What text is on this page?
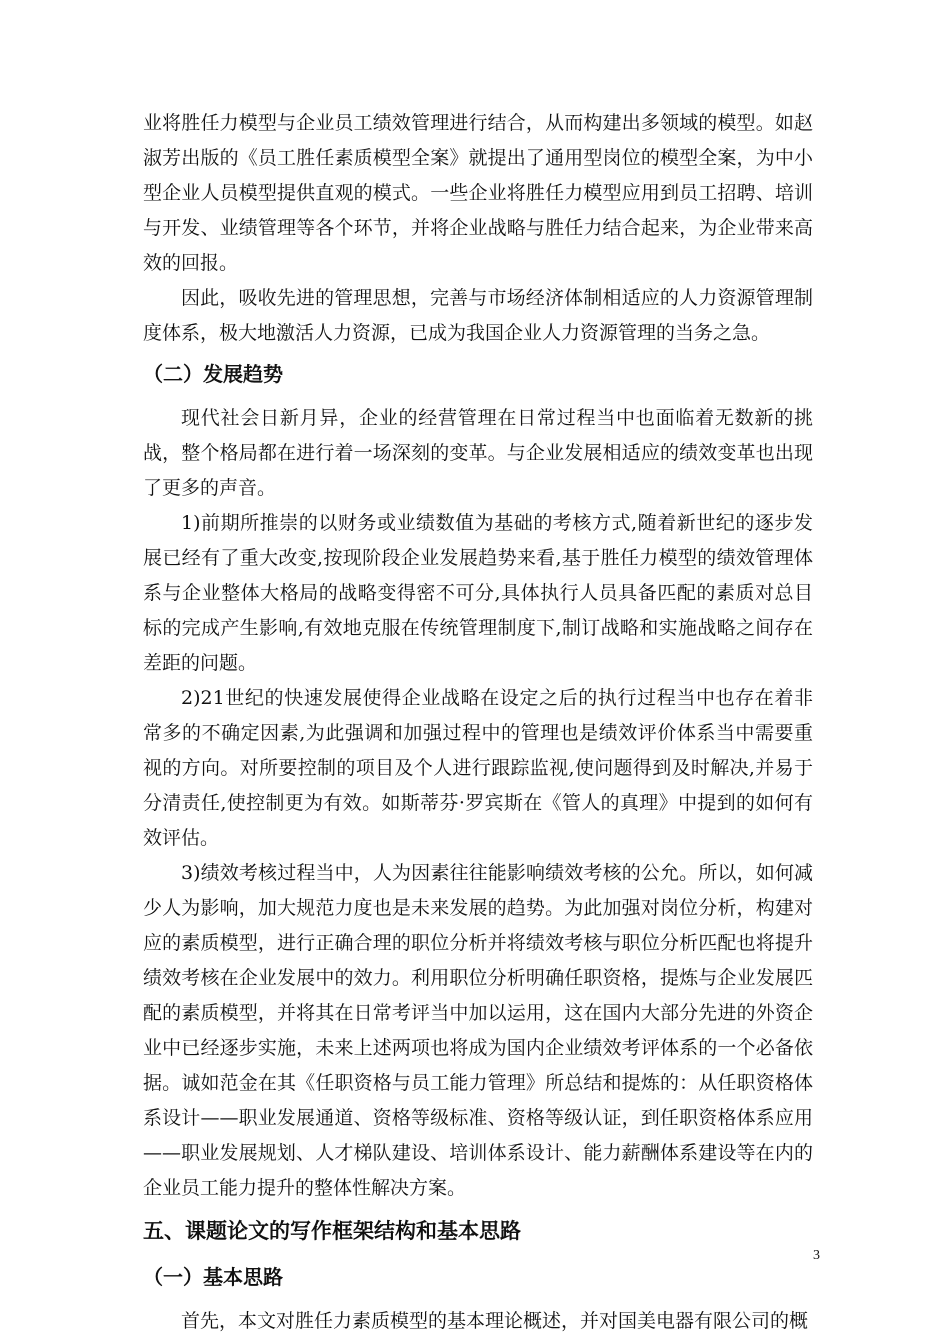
业将胜任力模型与企业员工绩效管理进行结合，从而构建出多领域的模型。如赵淑芳出版的《员工胜任素质模型全案》就提出了通用型岗位的模型全案，为中小型企业人员模型提供直观的模式。一些企业将胜任力模型应用到员工招聘、培训与开发、业绩管理等各个环节，并将企业战略与胜任力结合起来，为企业带来高效的回报。

因此，吸收先进的管理思想，完善与市场经济体制相适应的人力资源管理制度体系，极大地激活人力资源，已成为我国企业人力资源管理的当务之急。

（二）发展趋势

现代社会日新月异，企业的经营管理在日常过程当中也面临着无数新的挑战，整个格局都在进行着一场深刻的变革。与企业发展相适应的绩效变革也出现了更多的声音。

1)前期所推崇的以财务或业绩数值为基础的考核方式,随着新世纪的逐步发展已经有了重大改变,按现阶段企业发展趋势来看,基于胜任力模型的绩效管理体系与企业整体大格局的战略变得密不可分,具体执行人员具备匹配的素质对总目标的完成产生影响,有效地克服在传统管理制度下,制订战略和实施战略之间存在差距的问题。

2)21世纪的快速发展使得企业战略在设定之后的执行过程当中也存在着非常多的不确定因素,为此强调和加强过程中的管理也是绩效评价体系当中需要重视的方向。对所要控制的项目及个人进行跟踪监视,使问题得到及时解决,并易于分清责任,使控制更为有效。如斯蒂芬·罗宾斯在《管人的真理》中提到的如何有效评估。

3)绩效考核过程当中，人为因素往往能影响绩效考核的公允。所以，如何减少人为影响，加大规范力度也是未来发展的趋势。为此加强对岗位分析，构建对应的素质模型，进行正确合理的职位分析并将绩效考核与职位分析匹配也将提升绩效考核在企业发展中的效力。利用职位分析明确任职资格，提炼与企业发展匹配的素质模型，并将其在日常考评当中加以运用，这在国内大部分先进的外资企业中已经逐步实施，未来上述两项也将成为国内企业绩效考评体系的一个必备依据。诚如范金在其《任职资格与员工能力管理》所总结和提炼的：从任职资格体系设计——职业发展通道、资格等级标准、资格等级认证，到任职资格体系应用——职业发展规划、人才梯队建设、培训体系设计、能力薪酬体系建设等在内的企业员工能力提升的整体性解决方案。

五、课题论文的写作框架结构和基本思路
（一）基本思路

首先，本文对胜任力素质模型的基本理论概述，并对国美电器有限公司的概

3
